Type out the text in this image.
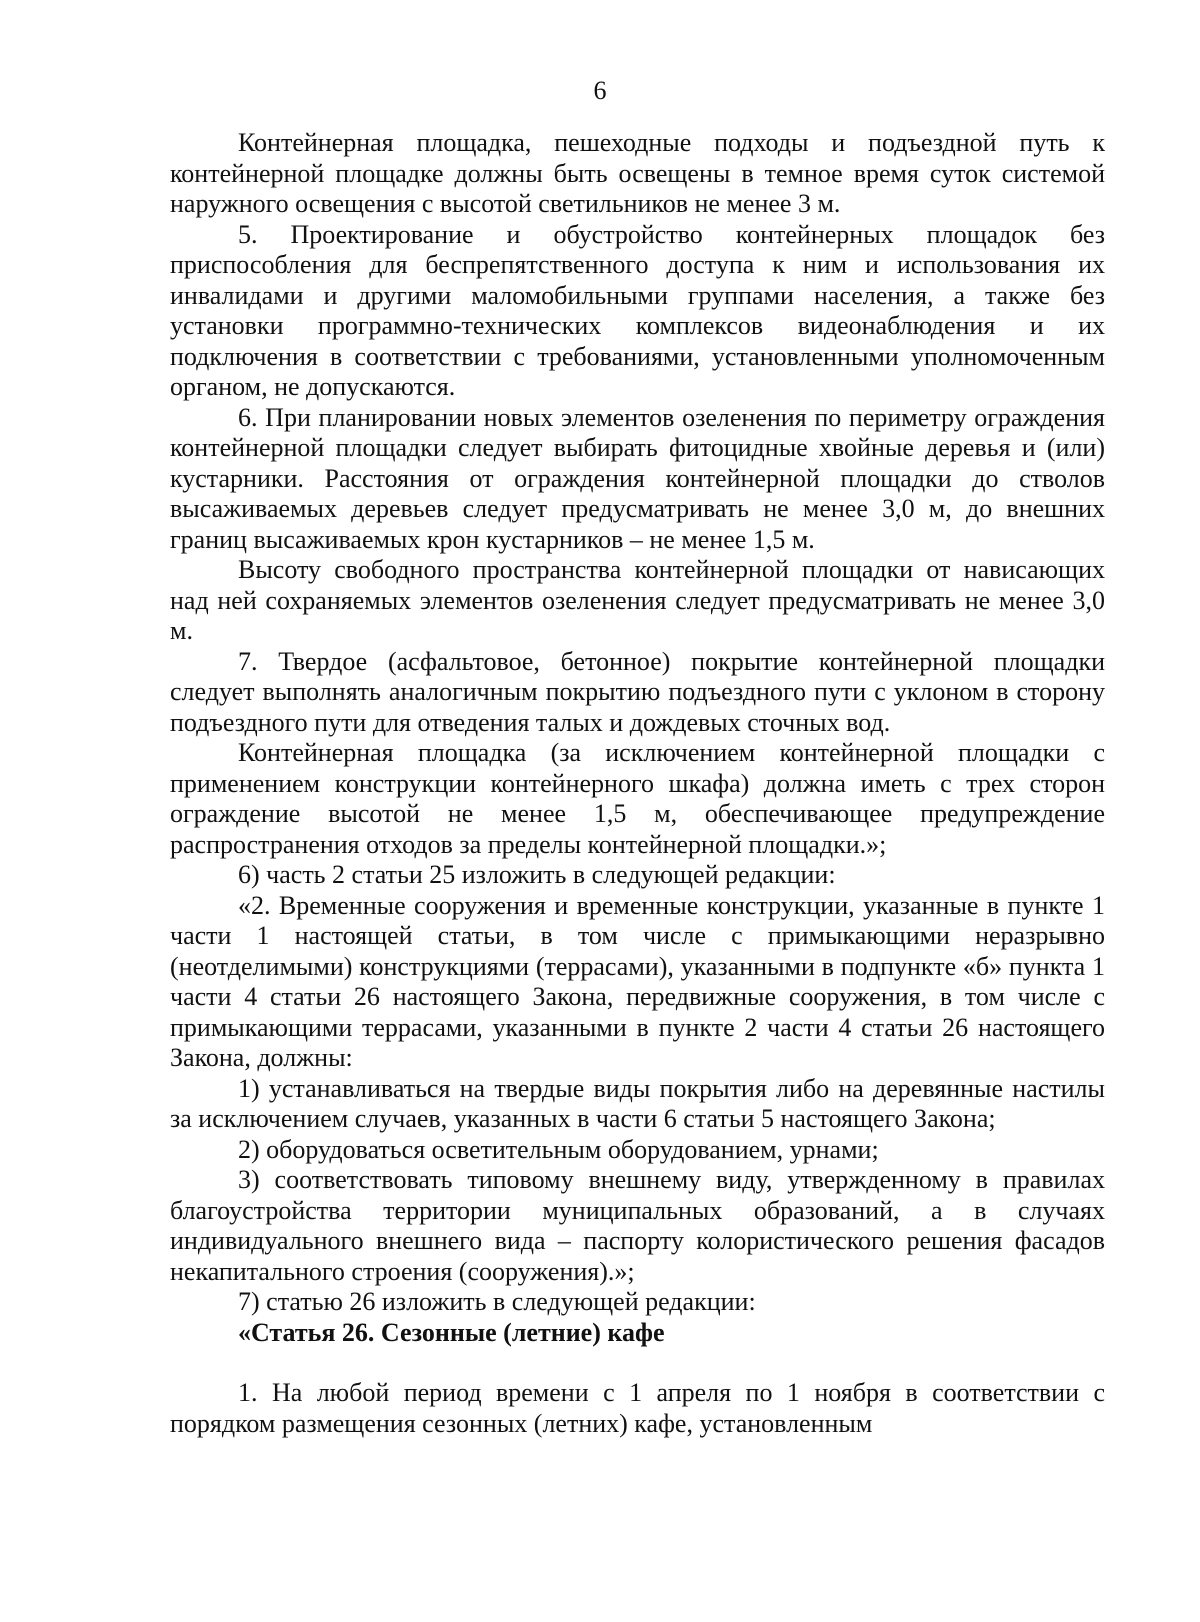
6

Контейнерная площадка, пешеходные подходы и подъездной путь к контейнерной площадке должны быть освещены в темное время суток системой наружного освещения с высотой светильников не менее 3 м.

5. Проектирование и обустройство контейнерных площадок без приспособления для беспрепятственного доступа к ним и использования их инвалидами и другими маломобильными группами населения, а также без установки программно-технических комплексов видеонаблюдения и их подключения в соответствии с требованиями, установленными уполномоченным органом, не допускаются.

6. При планировании новых элементов озеленения по периметру ограждения контейнерной площадки следует выбирать фитоцидные хвойные деревья и (или) кустарники. Расстояния от ограждения контейнерной площадки до стволов высаживаемых деревьев следует предусматривать не менее 3,0 м, до внешних границ высаживаемых крон кустарников – не менее 1,5 м.

Высоту свободного пространства контейнерной площадки от нависающих над ней сохраняемых элементов озеленения следует предусматривать не менее 3,0 м.

7. Твердое (асфальтовое, бетонное) покрытие контейнерной площадки следует выполнять аналогичным покрытию подъездного пути с уклоном в сторону подъездного пути для отведения талых и дождевых сточных вод.

Контейнерная площадка (за исключением контейнерной площадки с применением конструкции контейнерного шкафа) должна иметь с трех сторон ограждение высотой не менее 1,5 м, обеспечивающее предупреждение распространения отходов за пределы контейнерной площадки.»;

6) часть 2 статьи 25 изложить в следующей редакции:

«2. Временные сооружения и временные конструкции, указанные в пункте 1 части 1 настоящей статьи, в том числе с примыкающими неразрывно (неотделимыми) конструкциями (террасами), указанными в подпункте «б» пункта 1 части 4 статьи 26 настоящего Закона, передвижные сооружения, в том числе с примыкающими террасами, указанными в пункте 2 части 4 статьи 26 настоящего Закона, должны:

1) устанавливаться на твердые виды покрытия либо на деревянные настилы за исключением случаев, указанных в части 6 статьи 5 настоящего Закона;

2) оборудоваться осветительным оборудованием, урнами;

3) соответствовать типовому внешнему виду, утвержденному в правилах благоустройства территории муниципальных образований, а в случаях индивидуального внешнего вида – паспорту колористического решения фасадов некапитального строения (сооружения).»;

7) статью 26 изложить в следующей редакции:

«Статья 26. Сезонные (летние) кафе

1. На любой период времени с 1 апреля по 1 ноября в соответствии с порядком размещения сезонных (летних) кафе, установленным
